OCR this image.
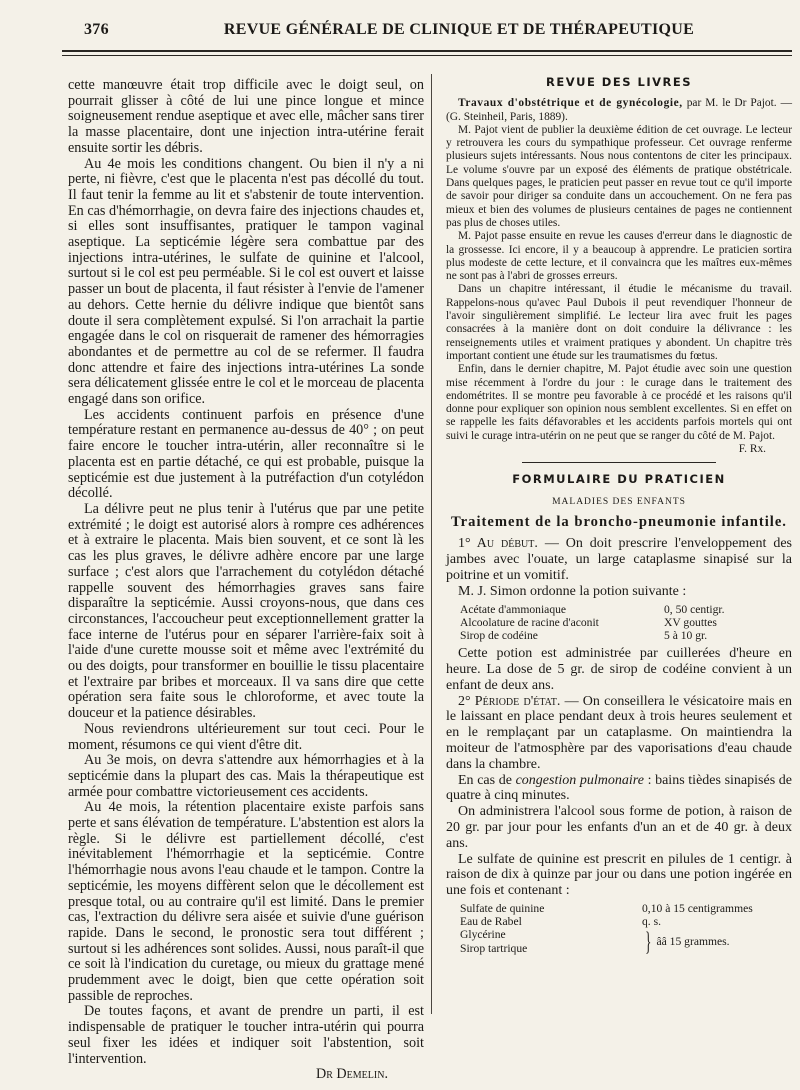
376	REVUE GÉNÉRALE DE CLINIQUE ET DE THÉRAPEUTIQUE

cette manœuvre était trop difficile avec le doigt seul, on pourrait glisser à côté de lui une pince longue et mince soigneusement rendue aseptique et avec elle, mâcher sans tirer la masse placentaire, dont une injection intra-utérine ferait ensuite sortir les débris.

Au 4e mois les conditions changent. Ou bien il n'y a ni perte, ni fièvre, c'est que le placenta n'est pas décollé du tout. Il faut tenir la femme au lit et s'abstenir de toute intervention. En cas d'hémorrhagie, on devra faire des injections chaudes et, si elles sont insuffisantes, pratiquer le tampon vaginal aseptique. La septicémie légère sera combattue par des injections intra-utérines, le sulfate de quinine et l'alcool, surtout si le col est peu perméable. Si le col est ouvert et laisse passer un bout de placenta, il faut résister à l'envie de l'amener au dehors. Cette hernie du délivre indique que bientôt sans doute il sera complètement expulsé. Si l'on arrachait la partie engagée dans le col on risquerait de ramener des hémorragies abondantes et de permettre au col de se refermer. Il faudra donc attendre et faire des injections intra-utérines La sonde sera délicatement glissée entre le col et le morceau de placenta engagé dans son orifice.

Les accidents continuent parfois en présence d'une température restant en permanence au-dessus de 40° ; on peut faire encore le toucher intra-utérin, aller reconnaître si le placenta est en partie détaché, ce qui est probable, puisque la septicémie est due justement à la putréfaction d'un cotylédon décollé.

La délivre peut ne plus tenir à l'utérus que par une petite extrémité ; le doigt est autorisé alors à rompre ces adhérences et à extraire le placenta. Mais bien souvent, et ce sont là les cas les plus graves, le délivre adhère encore par une large surface ; c'est alors que l'arrachement du cotylédon détaché rappelle souvent des hémorrhagies graves sans faire disparaître la septicémie. Aussi croyons-nous, que dans ces circonstances, l'accoucheur peut exceptionnellement gratter la face interne de l'utérus pour en séparer l'arrière-faix soit à l'aide d'une curette mousse soit et même avec l'extrémité du ou des doigts, pour transformer en bouillie le tissu placentaire et l'extraire par bribes et morceaux. Il va sans dire que cette opération sera faite sous le chloroforme, et avec toute la douceur et la patience désirables.

Nous reviendrons ultérieurement sur tout ceci. Pour le moment, résumons ce qui vient d'être dit.

Au 3e mois, on devra s'attendre aux hémorrhagies et à la septicémie dans la plupart des cas. Mais la thérapeutique est armée pour combattre victorieusement ces accidents.

Au 4e mois, la rétention placentaire existe parfois sans perte et sans élévation de température. L'abstention est alors la règle. Si le délivre est partiellement décollé, c'est inévitablement l'hémorrhagie et la septicémie. Contre l'hémorrhagie nous avons l'eau chaude et le tampon. Contre la septicémie, les moyens diffèrent selon que le décollement est presque total, ou au contraire qu'il est limité. Dans le premier cas, l'extraction du délivre sera aisée et suivie d'une guérison rapide. Dans le second, le pronostic sera tout différent ; surtout si les adhérences sont solides. Aussi, nous paraît-il que ce soit là l'indication du curetage, ou mieux du grattage mené prudemment avec le doigt, bien que cette opération soit passible de reproches.

De toutes façons, et avant de prendre un parti, il est indispensable de pratiquer le toucher intra-utérin qui pourra seul fixer les idées et indiquer soit l'abstention, soit l'intervention.

Dr Demelin.
REVUE DES LIVRES

Travaux d'obstétrique et de gynécologie, par M. le Dr Pajot. — (G. Steinheil, Paris, 1889).

M. Pajot vient de publier la deuxième édition de cet ouvrage. Le lecteur y retrouvera les cours du sympathique professeur. Cet ouvrage renferme plusieurs sujets intéressants. Nous nous contentons de citer les principaux. Le volume s'ouvre par un exposé des éléments de pratique obstétricale. Dans quelques pages, le praticien peut passer en revue tout ce qu'il importe de savoir pour diriger sa conduite dans un accouchement. On ne fera pas mieux et bien des volumes de plusieurs centaines de pages ne contiennent pas plus de choses utiles.

M. Pajot passe ensuite en revue les causes d'erreur dans le diagnostic de la grossesse. Ici encore, il y a beaucoup à apprendre. Le praticien sortira plus modeste de cette lecture, et il convaincra que les maîtres eux-mêmes ne sont pas à l'abri de grosses erreurs.

Dans un chapitre intéressant, il étudie le mécanisme du travail. Rappelons-nous qu'avec Paul Dubois il peut revendiquer l'honneur de l'avoir singulièrement simplifié. Le lecteur lira avec fruit les pages consacrées à la manière dont on doit conduire la délivrance : les renseignements utiles et vraiment pratiques y abondent. Un chapitre très important contient une étude sur les traumatismes du fœtus.

Enfin, dans le dernier chapitre, M. Pajot étudie avec soin une question mise récemment à l'ordre du jour : le curage dans le traitement des endométrites. Il se montre peu favorable à ce procédé et les raisons qu'il donne pour expliquer son opinion nous semblent excellentes. Si en effet on se rappelle les faits défavorables et les accidents parfois mortels qui ont suivi le curage intra-utérin on ne peut que se ranger du côté de M. Pajot.

F. Rx.
FORMULAIRE DU PRATICIEN
MALADIES DES ENFANTS
Traitement de la broncho-pneumonie infantile.

1° Au début. — On doit prescrire l'enveloppement des jambes avec l'ouate, un large cataplasme sinapisé sur la poitrine et un vomitif.

M. J. Simon ordonne la potion suivante :

Acétate d'ammoniaque	0, 50 centigr.
Alcoolature de racine d'aconit	XV gouttes
Sirop de codéine	5 à 10 gr.

Cette potion est administrée par cuillerées d'heure en heure. La dose de 5 gr. de sirop de codéine convient à un enfant de deux ans.

2° Période d'état. — On conseillera le vésicatoire mais en le laissant en place pendant deux à trois heures seulement et en le remplaçant par un cataplasme. On maintiendra la moiteur de l'atmosphère par des vaporisations d'eau chaude dans la chambre.

En cas de congestion pulmonaire : bains tièdes sinapisés de quatre à cinq minutes.

On administrera l'alcool sous forme de potion, à raison de 20 gr. par jour pour les enfants d'un an et de 40 gr. à deux ans.

Le sulfate de quinine est prescrit en pilules de 1 centigr. à raison de dix à quinze par jour ou dans une potion ingérée en une fois et contenant :

Sulfate de quinine	0,10 à 15 centigrammes
Eau de Rabel	q. s.
Glycérine
Sirop tartrique	} ââ 15 grammes.
